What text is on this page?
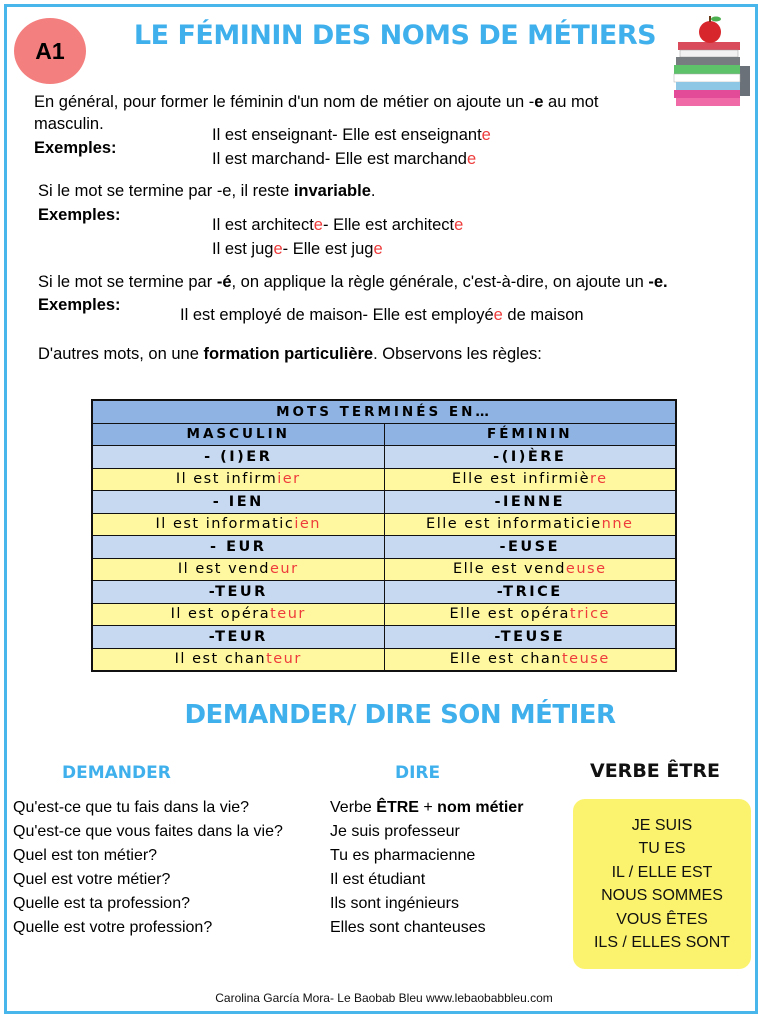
A1	LE FÉMININ DES NOMS DE MÉTIERS
En général, pour former le féminin d'un nom de métier on ajoute un -e au mot
masculin.
Exemples:
Il est enseignant- Elle est enseignante
Il est marchand- Elle est marchande
Si le mot se termine par -e, il reste invariable.
Exemples:
Il est architecte- Elle est architecte
Il est juge- Elle est juge
Si le mot se termine par -é, on applique la règle générale, c'est-à-dire, on ajoute un -e.
Exemples:
Il est employé de maison- Elle est employée de maison
D'autres mots, on une formation particulière. Observons les règles:
MOTS TERMINÉS EN…	
MASCULIN	FÉMININ
- (I)ER	-(I)ÈRE
Il est infirmier	Elle est infirmière
- IEN	-IENNE
Il est informaticien	Elle est informaticienne
- EUR	-EUSE
Il est vendeur	Elle est vendeuse
-TEUR	-TRICE
Il est opérateur	Elle est opératrice
-TEUR	-TEUSE
Il est chanteur	Elle est chanteuse
DEMANDER/ DIRE SON MÉTIER
DEMANDER	DIRE	VERBE ÊTRE
Qu'est-ce que tu fais dans la vie?
Qu'est-ce que vous faites dans la vie?
Quel est ton métier?
Quel est votre métier?
Quelle est ta profession?
Quelle est votre profession?
Verbe ÊTRE + nom métier
Je suis professeur
Tu es pharmacienne
Il est étudiant
Ils sont ingénieurs
Elles sont chanteuses
JE SUIS
TU ES
IL / ELLE EST
NOUS SOMMES
VOUS ÊTES
ILS / ELLES SONT
Carolina García Mora- Le Baobab Bleu www.lebaobabbleu.com
